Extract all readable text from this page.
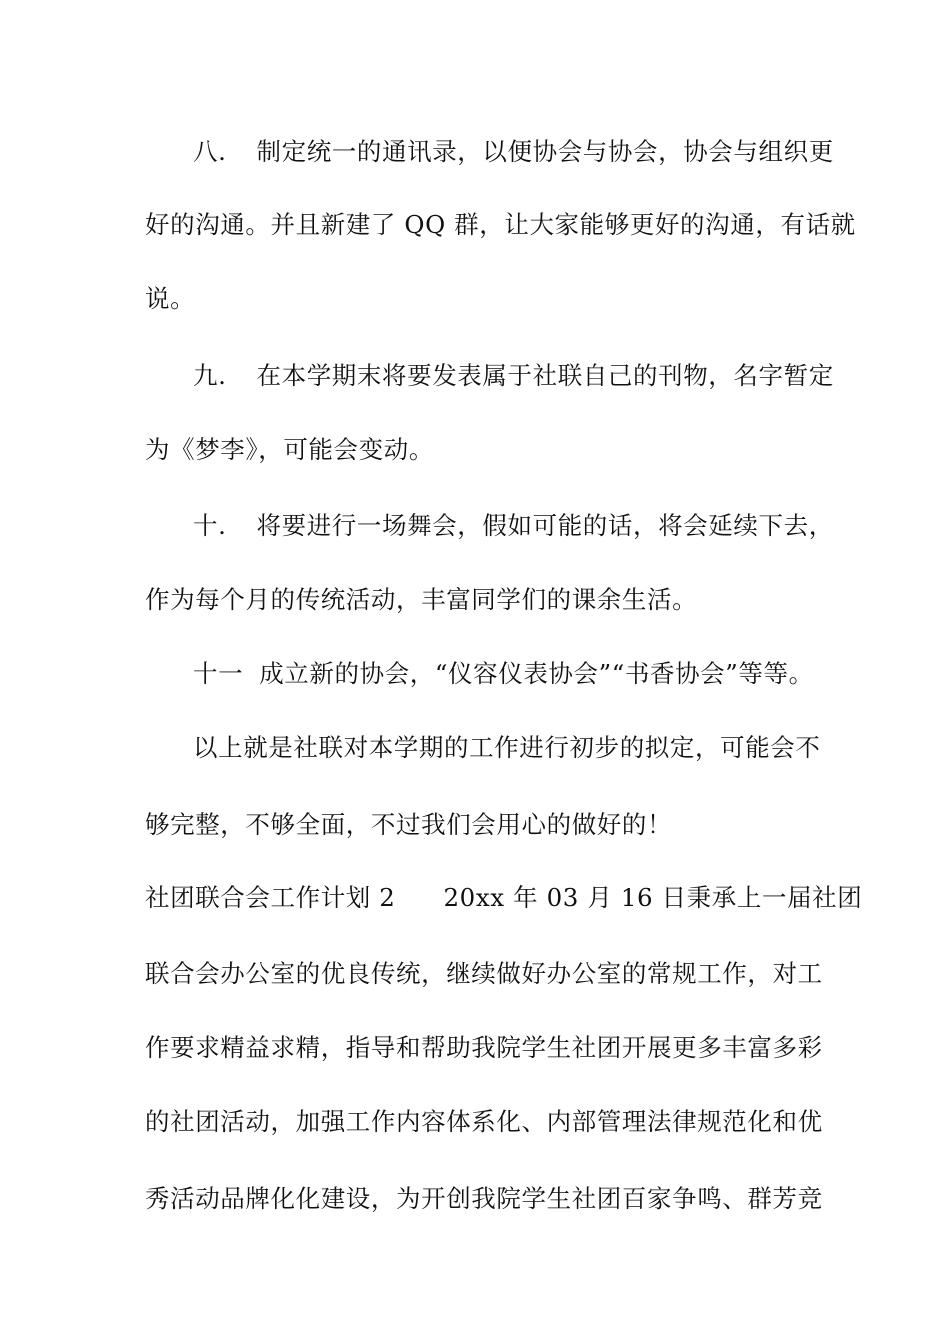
八. 制定统一的通讯录，以便协会与协会，协会与组织更
好的沟通。并且新建了 QQ 群，让大家能够更好的沟通，有话就
说。
九. 在本学期末将要发表属于社联自己的刊物，名字暂定
为《梦李》，可能会变动。
十. 将要进行一场舞会，假如可能的话，将会延续下去，
作为每个月的传统活动，丰富同学们的课余生活。
十一 成立新的协会，“仪容仪表协会”“书香协会”等等。
以上就是社联对本学期的工作进行初步的拟定，可能会不
够完整，不够全面，不过我们会用心的做好的！
社团联合会工作计划 2 20xx 年 03 月 16 日秉承上一届社团
联合会办公室的优良传统，继续做好办公室的常规工作，对工
作要求精益求精，指导和帮助我院学生社团开展更多丰富多彩
的社团活动，加强工作内容体系化、内部管理法律规范化和优
秀活动品牌化化建设，为开创我院学生社团百家争鸣、群芳竞
